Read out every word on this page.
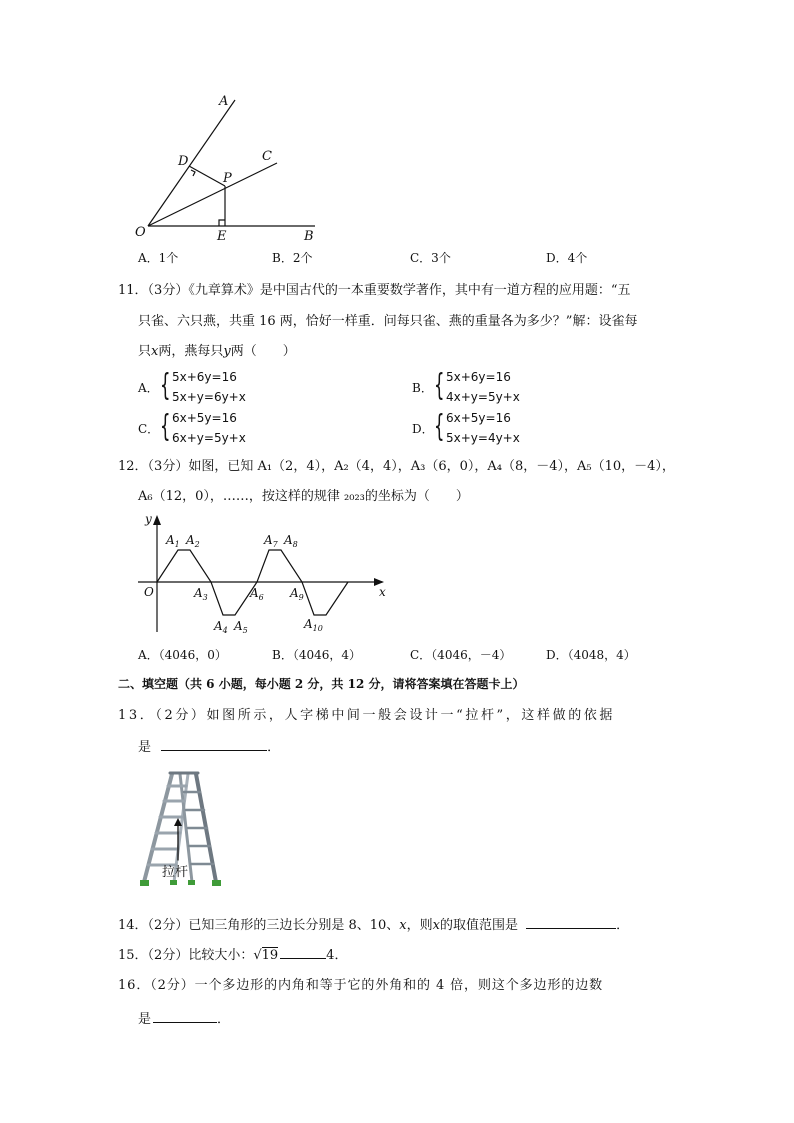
A
C
D
P
O	E	B
A．1个	B．2个	C．3个	D．4个
11．（3分）《九章算术》是中国古代的一本重要数学著作，其中有一道方程的应用题：“五
只雀、六只燕，共重 16 两，恰好一样重．问每只雀、燕的重量各为多少？”解：设雀每
只x两，燕每只y两（　　）
A． { 5x+6y=16
5x+y=6y+x
B． { 5x+6y=16
4x+y=5y+x
C． { 6x+5y=16
6x+y=5y+x
D． { 6x+5y=16
5x+y=4y+x
12．（3分）如图，已知 A₁（2，4），A₂（4，4），A₃（6，0），A₄（8，－4），A₅（10，－4），
A₆（12，0），……，按这样的规律 ₂₀₂₃的坐标为（　　）
y
x
O
$A_1$ $A_2$
$A_3$
$A_4$ $A_5$
$A_6$
$A_7$ $A_8$
$A_9$
$A_{10}$
A．（4046，0）	B．（4046，4）	C．（4046，－4）	D．（4048，4）
二、填空题（共 6 小题，每小题 2 分，共 12 分，请将答案填在答题卡上）
13．（2分）如图所示，人字梯中间一般会设计一“拉杆”，这样做的依据
是	．
拉杆
14．（2分）已知三角形的三边长分别是 8、10、x，则x的取值范围是	．
15．（2分）比较大小：√19	4．
16．（2分）一个多边形的内角和等于它的外角和的 4 倍，则这个多边形的边数
是	．
